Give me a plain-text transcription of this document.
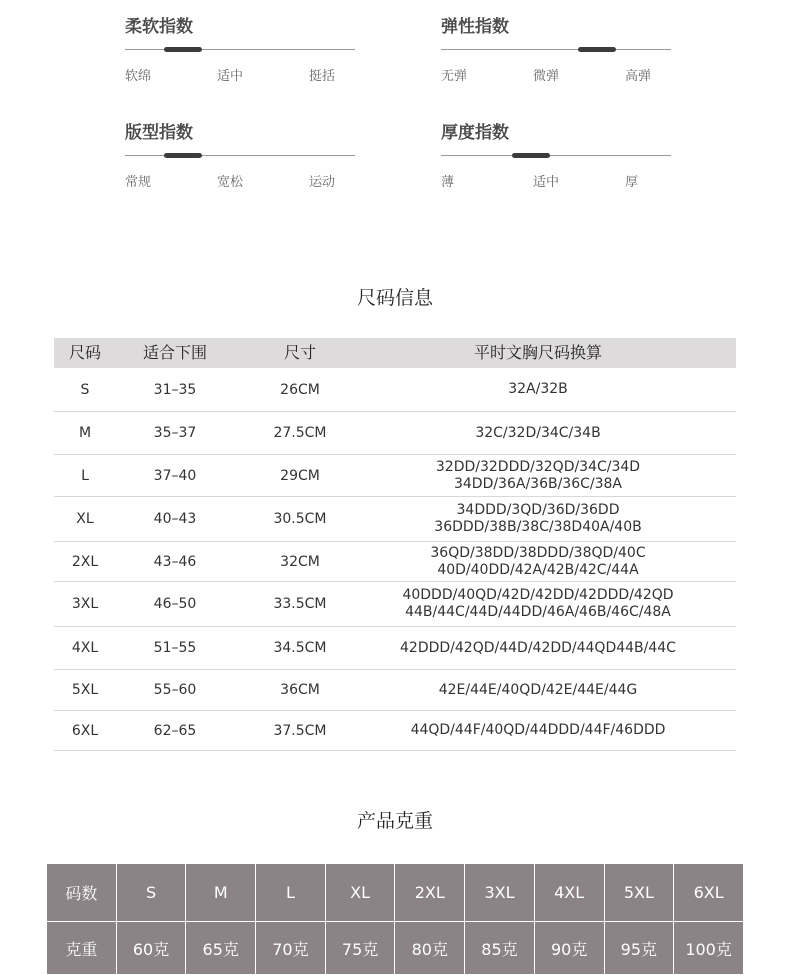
柔软指数
软绵	适中	挺括
弹性指数
无弹	微弹	高弹
版型指数
常规	宽松	运动
厚度指数
薄	适中	厚
尺码信息
尺码	适合下围	尺寸	平时文胸尺码换算
S	31–35	26CM	32A/32B
M	35–37	27.5CM	32C/32D/34C/34B
L	37–40	29CM
32DD/32DDD/32QD/34C/34D
34DD/36A/36B/36C/38A
XL	40–43	30.5CM
34DDD/3QD/36D/36DD
36DDD/38B/38C/38D40A/40B
2XL	43–46	32CM
36QD/38DD/38DDD/38QD/40C
40D/40DD/42A/42B/42C/44A
3XL	46–50	33.5CM
40DDD/40QD/42D/42DD/42DDD/42QD
44B/44C/44D/44DD/46A/46B/46C/48A
4XL	51–55	34.5CM	42DDD/42QD/44D/42DD/44QD44B/44C
5XL	55–60	36CM	42E/44E/40QD/42E/44E/44G
6XL	62–65	37.5CM	44QD/44F/40QD/44DDD/44F/46DDD
产品克重
码数	S	M	L	XL	2XL	3XL	4XL	5XL	6XL
克重	60克	65克	70克	75克	80克	85克	90克	95克	100克
